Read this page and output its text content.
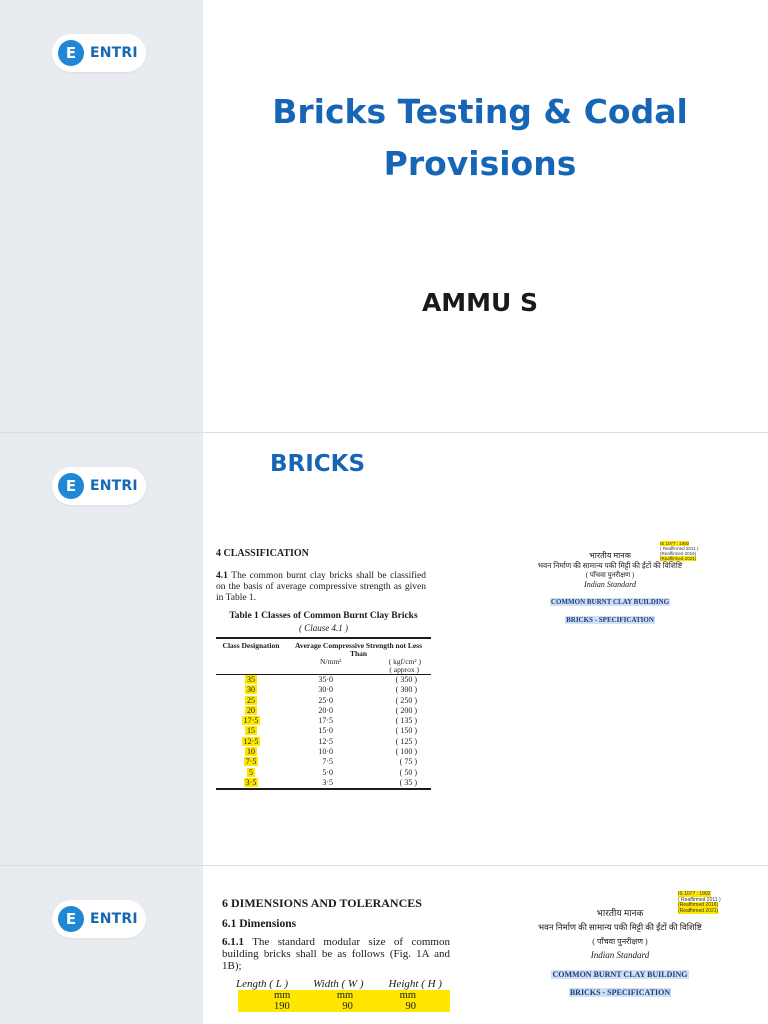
E ENTRI
Bricks Testing & Codal
Provisions
AMMU S
E ENTRI
BRICKS
4 CLASSIFICATION
4.1 The common burnt clay bricks shall be classified on the basis of average compressive strength as given in Table 1.
Table 1 Classes of Common Burnt Clay Bricks
( Clause 4.1 )
Class Designation	Average Compressive Strength not Less Than	
	N/mm²	( kgf/cm² )
		( approx )
35	35·0	( 350 )
30	30·0	( 300 )
25	25·0	( 250 )
20	20·0	( 200 )
17·5	17·5	( 135 )
15	15·0	( 150 )
12·5	12·5	( 125 )
10	10·0	( 100 )
7·5	7·5	( 75 )
5	5·0	( 50 )
3·5	3·5	( 35 )
IS 1077 : 1992
( Reaffirmed 2011 )
(Reaffirmed 2016)
(Reaffirmed 2021)
भारतीय मानक
भवन निर्माण की सामान्य पकी मिट्टी की ईंटों की विशिष्टि
( पाँचवा पुनरीक्षण )
Indian Standard
COMMON BURNT CLAY BUILDING
BRICKS - SPECIFICATION
E ENTRI
6 DIMENSIONS AND TOLERANCES
6.1 Dimensions
6.1.1 The standard modular size of common building bricks shall be as follows (Fig. 1A and 1B);
Length ( L ) Width ( W ) Height ( H )
mm	mm	mm
190	90	90
IS 1077 : 1992
( Reaffirmed 2011 )
(Reaffirmed 2016)
(Reaffirmed 2021)
भारतीय मानक
भवन निर्माण की सामान्य पकी मिट्टी की ईंटों की विशिष्टि
( पाँचवा पुनरीक्षण )
Indian Standard
COMMON BURNT CLAY BUILDING
BRICKS - SPECIFICATION
